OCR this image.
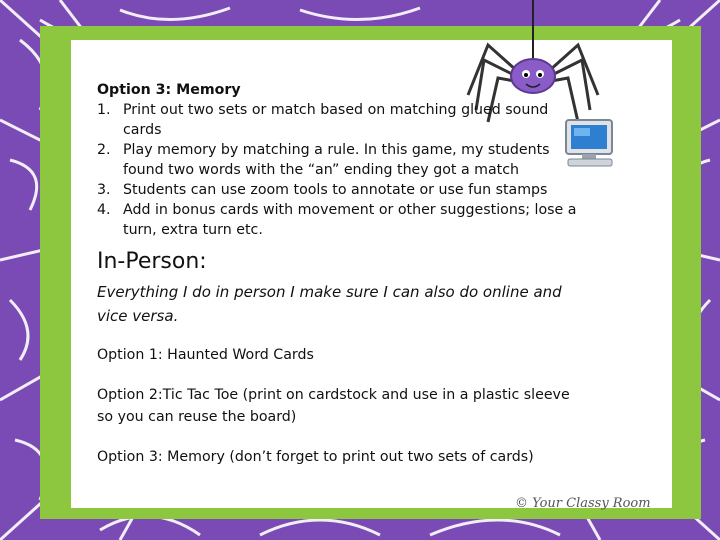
Option 3: Memory
1. Print out two sets or match based on matching glued sound cards
2. Play memory by matching a rule. In this game, my students found two words with the “an” ending they got a match
3. Students can use zoom tools to annotate or use fun stamps
4. Add in bonus cards with movement or other suggestions; lose a turn, extra turn etc.
In-Person:
Everything I do in person I make sure I can also do online and vice versa.
Option 1: Haunted Word Cards
Option 2:Tic Tac Toe (print on cardstock and use in a plastic sleeve so you can reuse the board)
Option 3: Memory (don’t forget to print out two sets of cards)
© Your Classy Room
